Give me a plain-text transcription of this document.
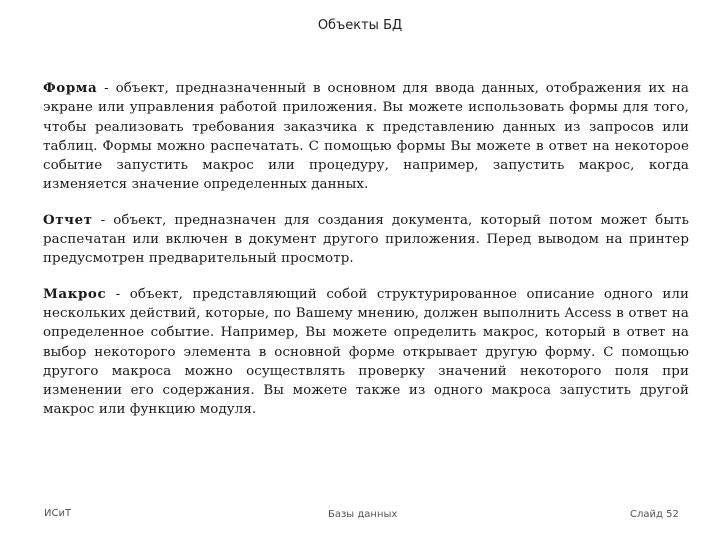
Объекты БД

Форма - объект, предназначенный в основном для ввода данных, отображения их на экране или управления работой приложения. Вы можете использовать формы для того, чтобы реализовать требования заказчика к представлению данных из запросов или таблиц. Формы можно распечатать. С помощью формы Вы можете в ответ на некоторое событие запустить макрос или процедуру, например, запустить макрос, когда изменяется значение определенных данных.

Отчет - объект, предназначен для создания документа, который потом может быть распечатан или включен в документ другого приложения. Перед выводом на принтер предусмотрен предварительный просмотр.

Макрос - объект, представляющий собой структурированное описание одного или нескольких действий, которые, по Вашему мнению, должен выполнить Access в ответ на определенное событие. Например, Вы можете определить макрос, который в ответ на выбор некоторого элемента в основной форме открывает другую форму. С помощью другого макроса можно осуществлять проверку значений некоторого поля при изменении его содержания. Вы можете также из одного макроса запустить другой макрос или функцию модуля.

ИСиТ	Базы данных	Слайд 52
